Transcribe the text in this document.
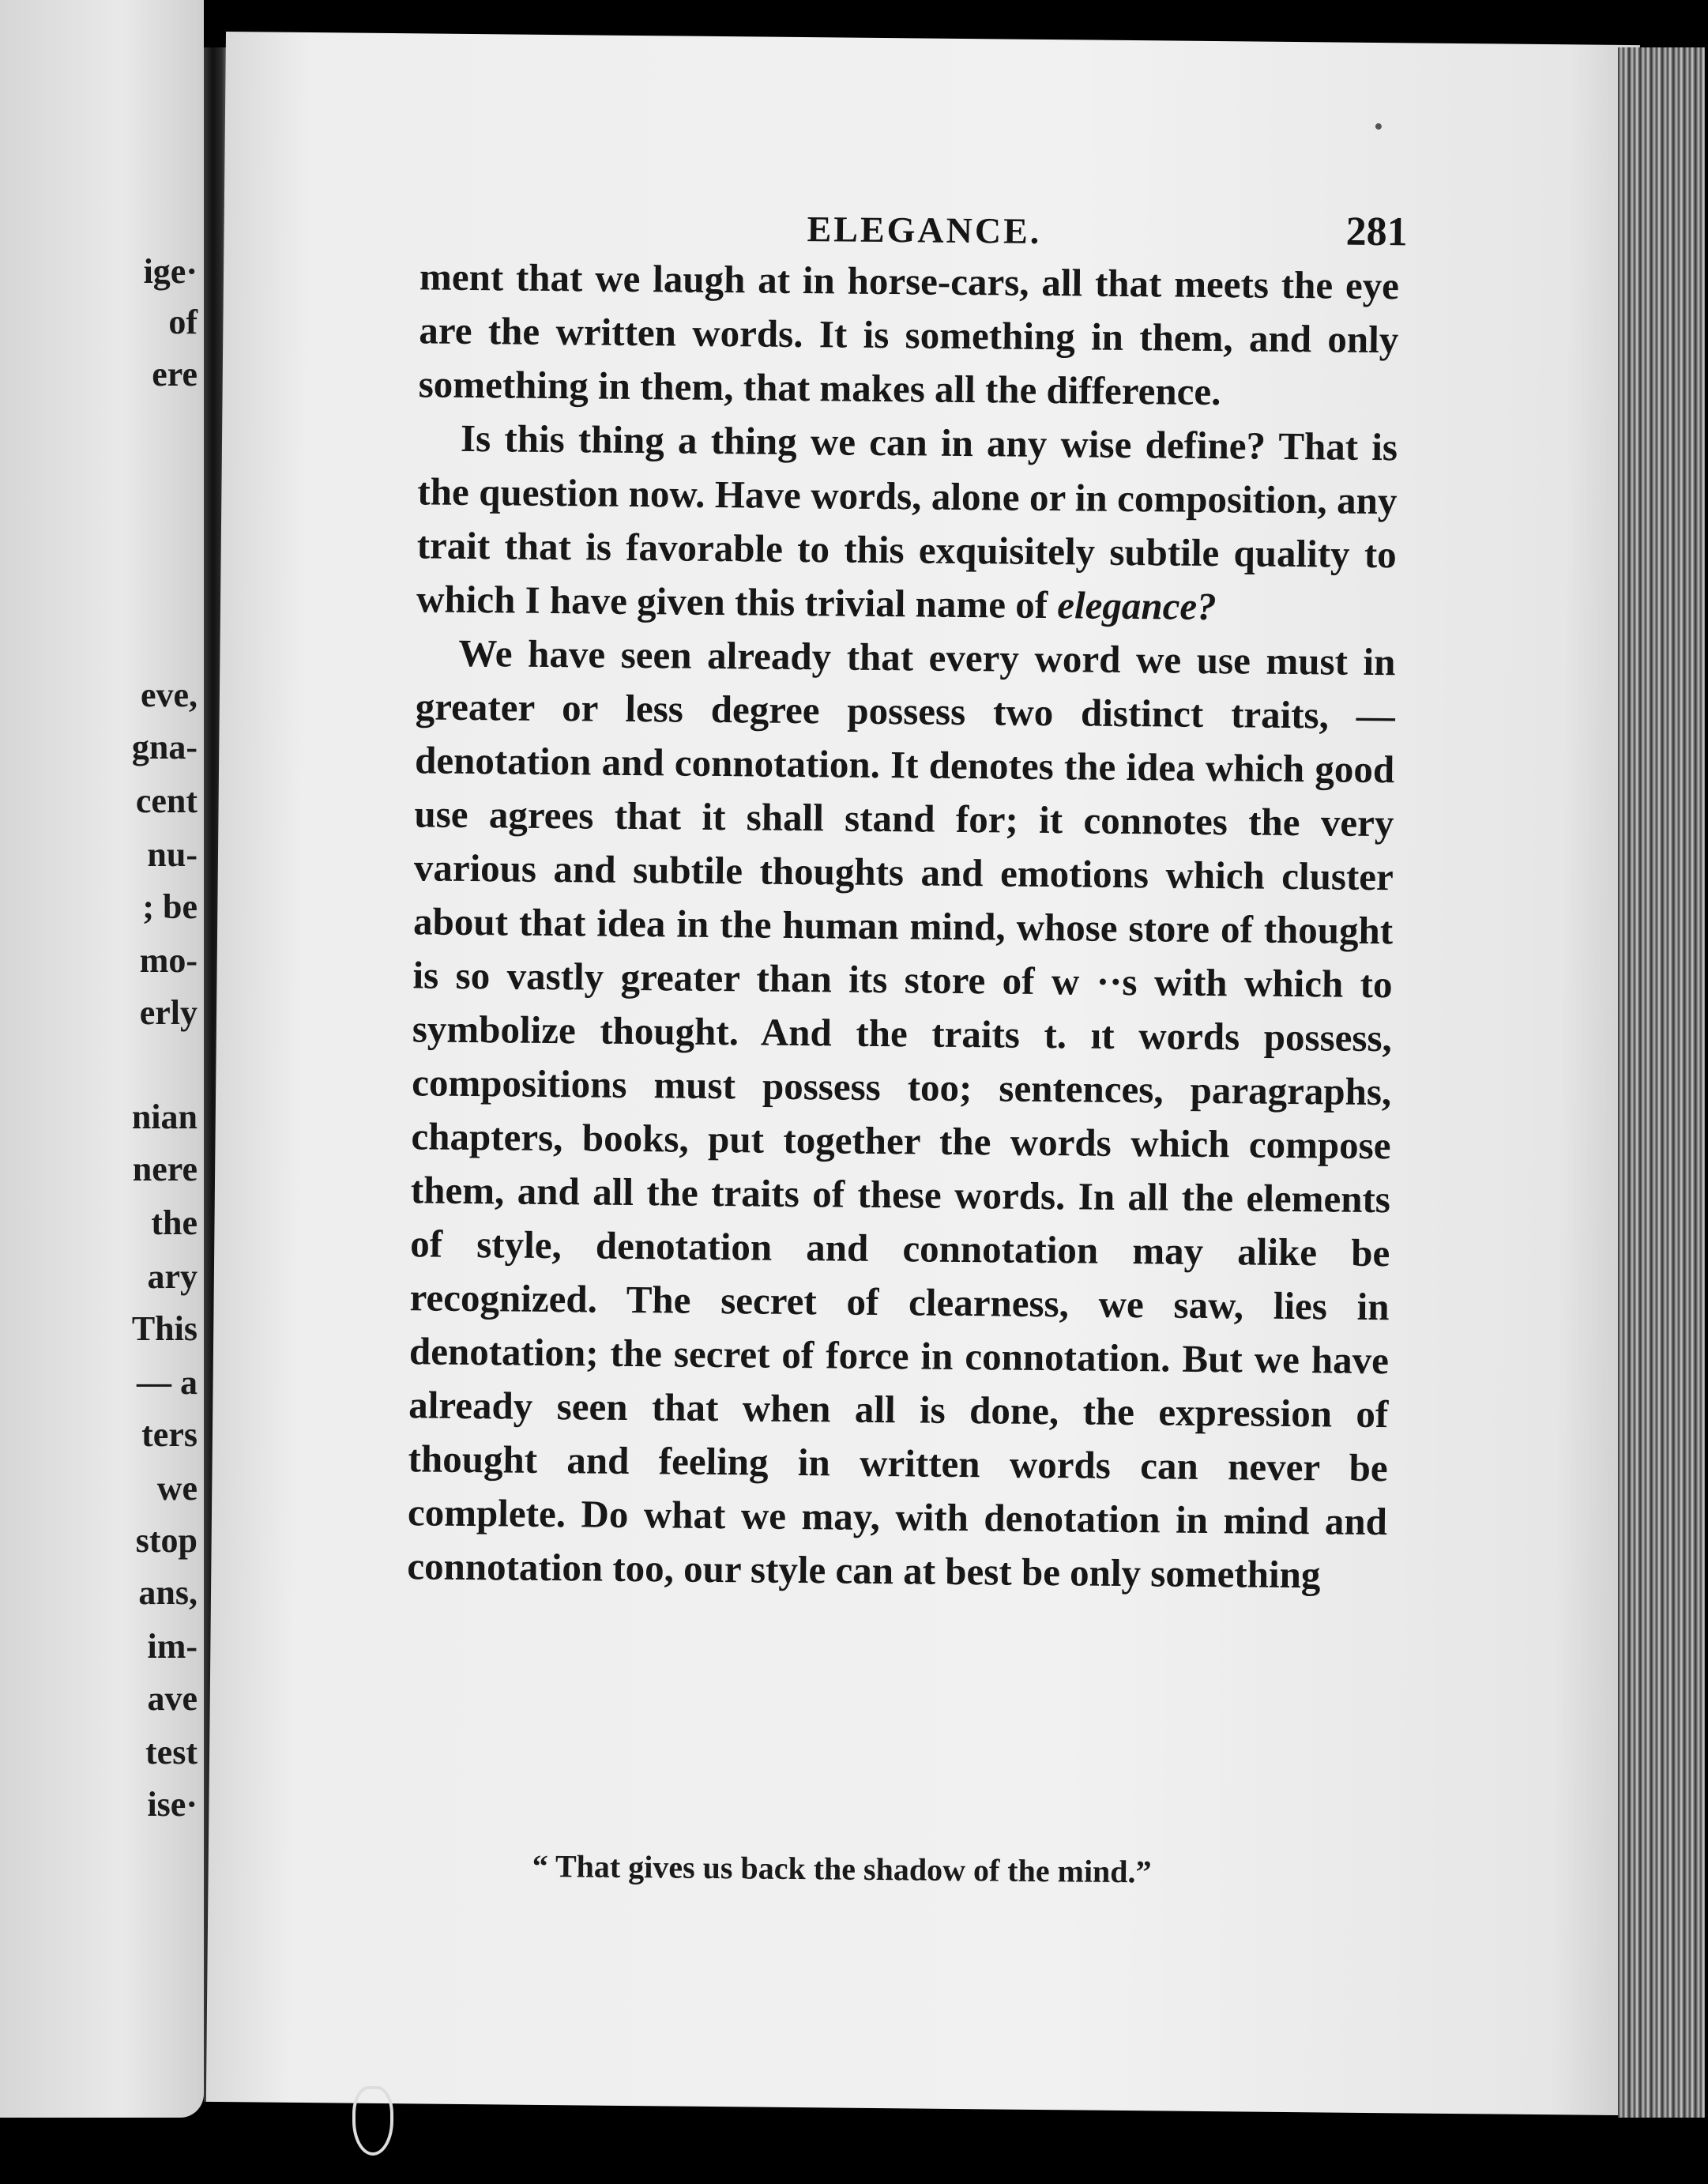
ige·
of
ere
eve,
gna-
cent
nu-
; be
mo-
erly
nian
nere
the
ary
This
— a
ters
we
stop
ans,
im-
ave
test
ise·
ELEGANCE.	281

ment that we laugh at in horse-cars, all that meets the eye are the written words. It is something in them, and only something in them, that makes all the difference.

Is this thing a thing we can in any wise define? That is the question now. Have words, alone or in composition, any trait that is favorable to this exquisitely subtile quality to which I have given this trivial name of elegance?

We have seen already that every word we use must in greater or less degree possess two distinct traits, — denotation and connotation. It denotes the idea which good use agrees that it shall stand for; it connotes the very various and subtile thoughts and emotions which cluster about that idea in the human mind, whose store of thought is so vastly greater than its store of w ··s with which to symbolize thought. And the traits t. ıt words possess, compositions must possess too; sentences, paragraphs, chapters, books, put together the words which compose them, and all the traits of these words. In all the elements of style, denotation and connotation may alike be recognized. The secret of clearness, we saw, lies in denotation; the secret of force in connotation. But we have already seen that when all is done, the expression of thought and feeling in written words can never be complete. Do what we may, with denotation in mind and connotation too, our style can at best be only something

“ That gives us back the shadow of the mind.”
